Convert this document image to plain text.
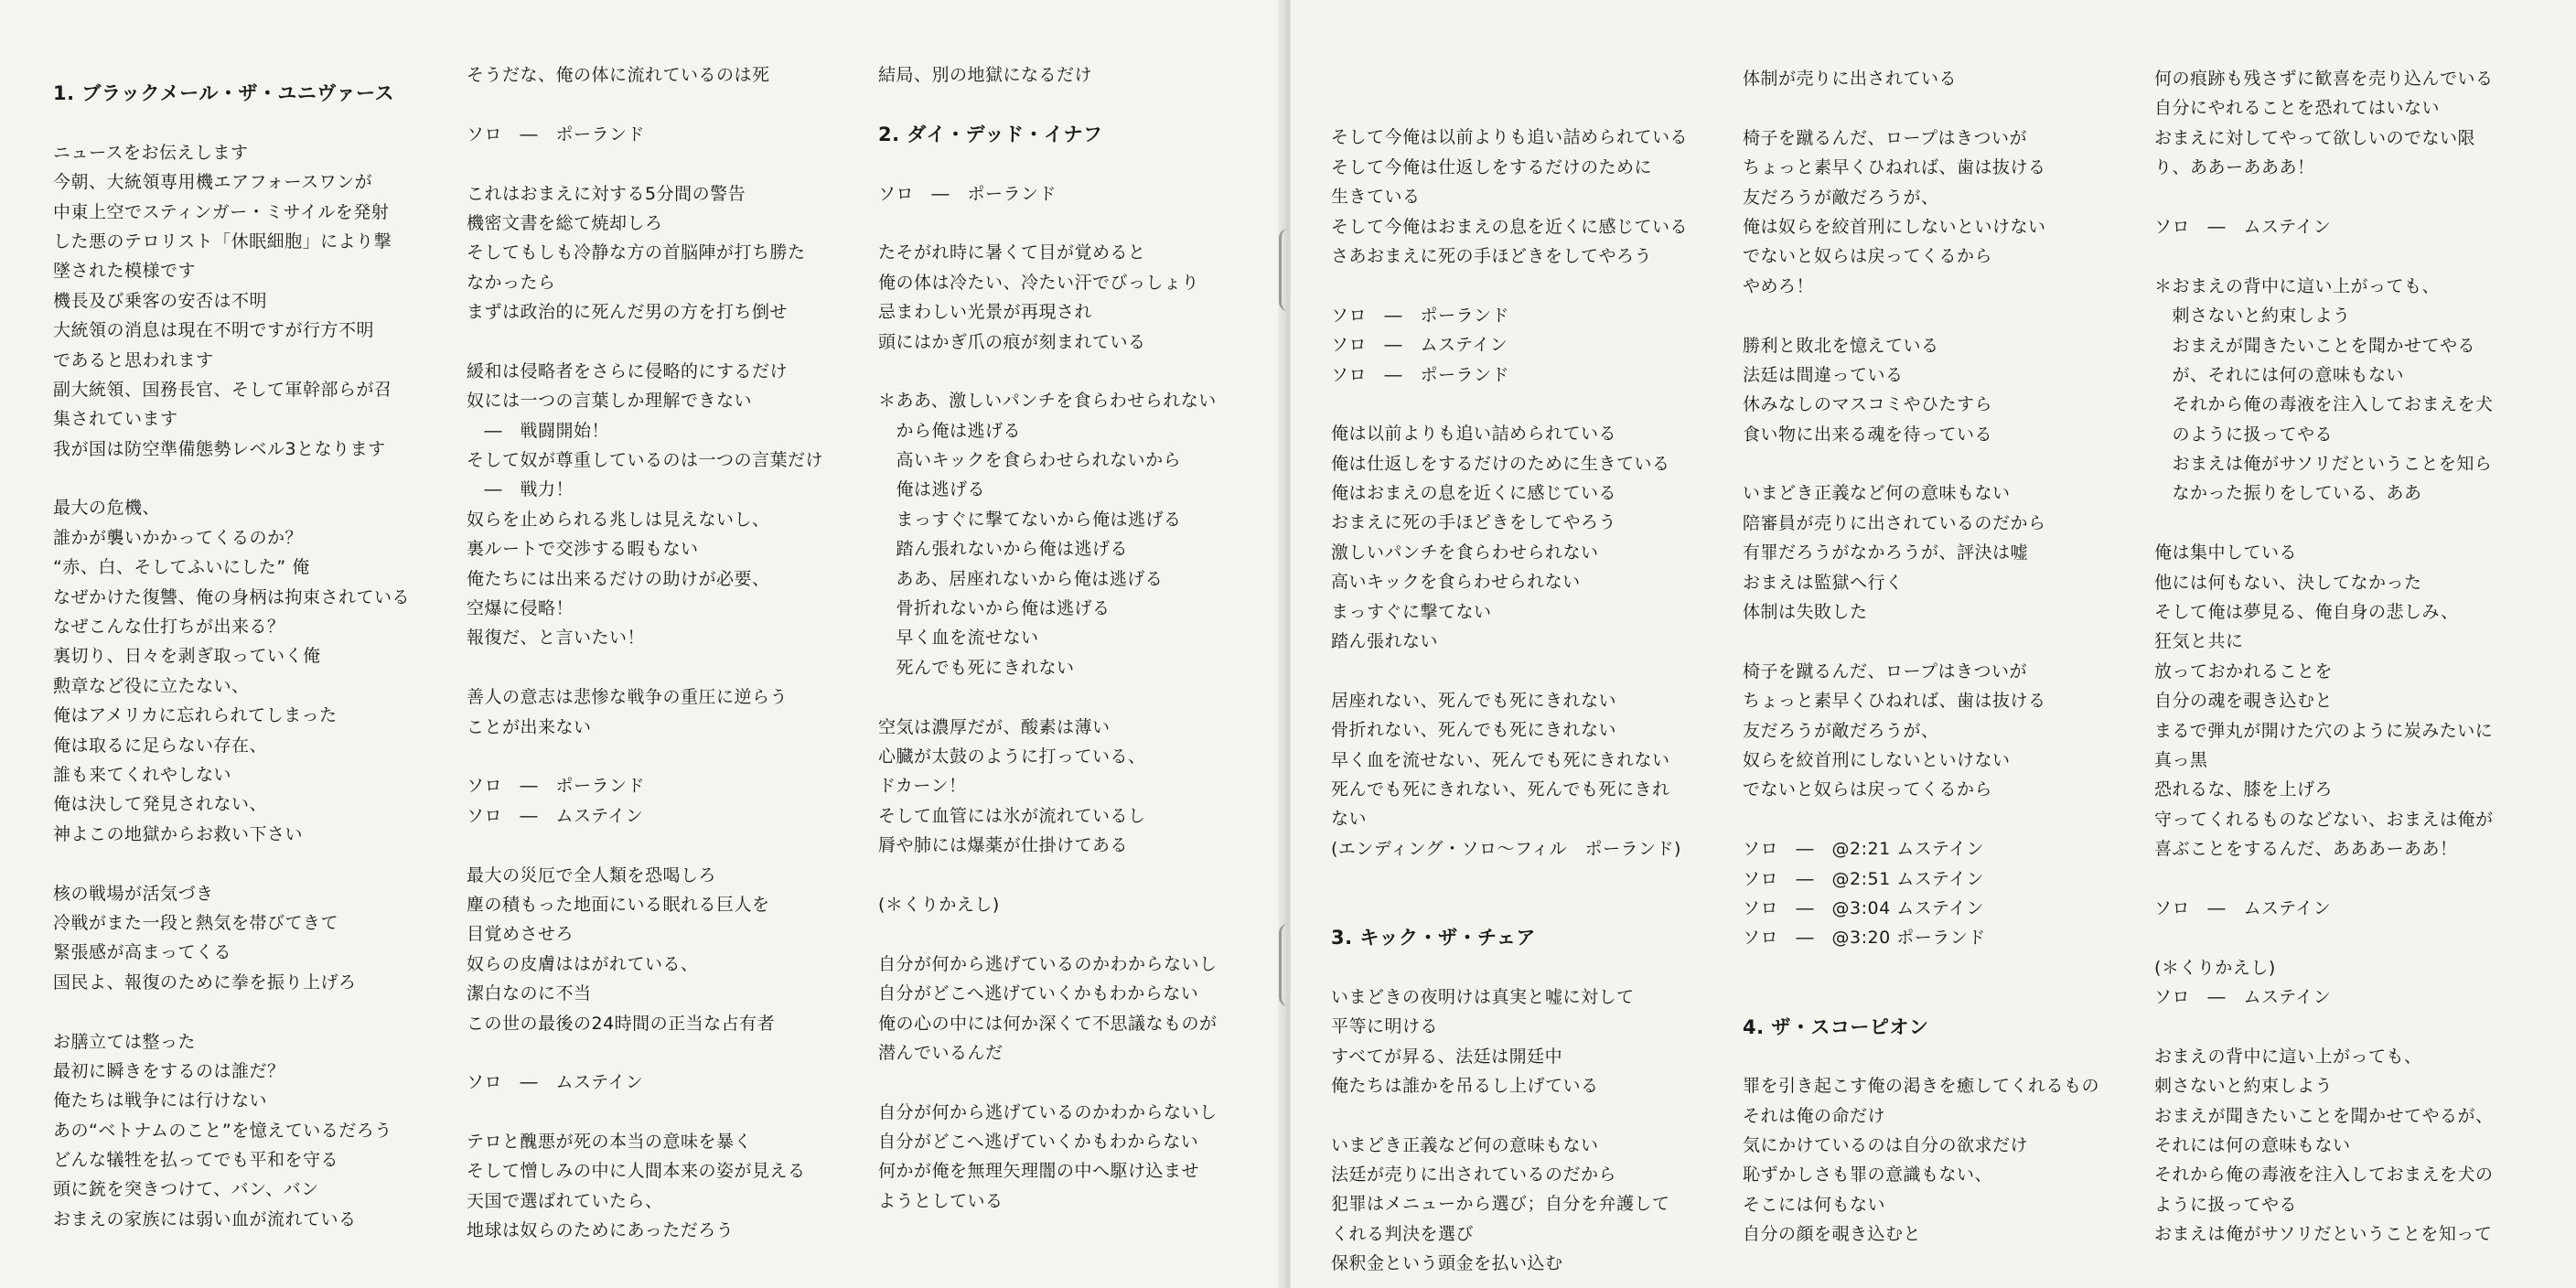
1. ブラックメール・ザ・ユニヴァース
ニュースをお伝えします
今朝、大統領専用機エアフォースワンが
中東上空でスティンガー・ミサイルを発射
した悪のテロリスト「休眠細胞」により撃
墜された模様です
機長及び乗客の安否は不明
大統領の消息は現在不明ですが行方不明
であると思われます
副大統領、国務長官、そして軍幹部らが召
集されています
我が国は防空準備態勢レベル3となります
最大の危機、
誰かが襲いかかってくるのか？
“赤、白、そしてふいにした” 俺
なぜかけた復讐、俺の身柄は拘束されている
なぜこんな仕打ちが出来る？
裏切り、日々を剥ぎ取っていく俺
勲章など役に立たない、
俺はアメリカに忘れられてしまった
俺は取るに足らない存在、
誰も来てくれやしない
俺は決して発見されない、
神よこの地獄からお救い下さい
核の戦場が活気づき
冷戦がまた一段と熱気を帯びてきて
緊張感が高まってくる
国民よ、報復のために拳を振り上げろ
お膳立ては整った
最初に瞬きをするのは誰だ？
俺たちは戦争には行けない
あの“ベトナムのこと”を憶えているだろう
どんな犠牲を払ってでも平和を守る
頭に銃を突きつけて、バン、バン
おまえの家族には弱い血が流れている
そうだな、俺の体に流れているのは死
ソロ　―　ポーランド
これはおまえに対する5分間の警告
機密文書を総て焼却しろ
そしてもしも冷静な方の首脳陣が打ち勝た
なかったら
まずは政治的に死んだ男の方を打ち倒せ
緩和は侵略者をさらに侵略的にするだけ
奴には一つの言葉しか理解できない
　―　戦闘開始！
そして奴が尊重しているのは一つの言葉だけ
　―　戦力！
奴らを止められる兆しは見えないし、
裏ルートで交渉する暇もない
俺たちには出来るだけの助けが必要、
空爆に侵略！
報復だ、と言いたい！
善人の意志は悲惨な戦争の重圧に逆らう
ことが出来ない
ソロ　―　ポーランド
ソロ　―　ムステイン
最大の災厄で全人類を恐喝しろ
塵の積もった地面にいる眠れる巨人を
目覚めさせろ
奴らの皮膚ははがれている、
潔白なのに不当
この世の最後の24時間の正当な占有者
ソロ　―　ムステイン
テロと醜悪が死の本当の意味を暴く
そして憎しみの中に人間本来の姿が見える
天国で選ばれていたら、
地球は奴らのためにあっただろう
結局、別の地獄になるだけ
2. ダイ・デッド・イナフ
ソロ　―　ポーランド
たそがれ時に暑くて目が覚めると
俺の体は冷たい、冷たい汗でびっしょり
忌まわしい光景が再現され
頭にはかぎ爪の痕が刻まれている
＊ああ、激しいパンチを食らわせられない
　から俺は逃げる
　高いキックを食らわせられないから
　俺は逃げる
　まっすぐに撃てないから俺は逃げる
　踏ん張れないから俺は逃げる
　ああ、居座れないから俺は逃げる
　骨折れないから俺は逃げる
　早く血を流せない
　死んでも死にきれない
空気は濃厚だが、酸素は薄い
心臓が太鼓のように打っている、
ドカーン！
そして血管には氷が流れているし
脣や肺には爆薬が仕掛けてある
(＊くりかえし)
自分が何から逃げているのかわからないし
自分がどこへ逃げていくかもわからない
俺の心の中には何か深くて不思議なものが
潜んでいるんだ
自分が何から逃げているのかわからないし
自分がどこへ逃げていくかもわからない
何かが俺を無理矢理闇の中へ駆け込ませ
ようとしている
そして今俺は以前よりも追い詰められている
そして今俺は仕返しをするだけのために
生きている
そして今俺はおまえの息を近くに感じている
さあおまえに死の手ほどきをしてやろう
ソロ　―　ポーランド
ソロ　―　ムステイン
ソロ　―　ポーランド
俺は以前よりも追い詰められている
俺は仕返しをするだけのために生きている
俺はおまえの息を近くに感じている
おまえに死の手ほどきをしてやろう
激しいパンチを食らわせられない
高いキックを食らわせられない
まっすぐに撃てない
踏ん張れない
居座れない、死んでも死にきれない
骨折れない、死んでも死にきれない
早く血を流せない、死んでも死にきれない
死んでも死にきれない、死んでも死にきれ
ない
(エンディング・ソロ〜フィル　ポーランド)
3. キック・ザ・チェア
いまどきの夜明けは真実と嘘に対して
平等に明ける
すべてが昇る、法廷は開廷中
俺たちは誰かを吊るし上げている
いまどき正義など何の意味もない
法廷が売りに出されているのだから
犯罪はメニューから選び；自分を弁護して
くれる判決を選び
保釈金という頭金を払い込む
体制が売りに出されている
椅子を蹴るんだ、ロープはきついが
ちょっと素早くひねれば、歯は抜ける
友だろうが敵だろうが、
俺は奴らを絞首刑にしないといけない
でないと奴らは戻ってくるから
やめろ！
勝利と敗北を憶えている
法廷は間違っている
休みなしのマスコミやひたすら
食い物に出来る魂を待っている
いまどき正義など何の意味もない
陪審員が売りに出されているのだから
有罪だろうがなかろうが、評決は嘘
おまえは監獄へ行く
体制は失敗した
椅子を蹴るんだ、ロープはきついが
ちょっと素早くひねれば、歯は抜ける
友だろうが敵だろうが、
奴らを絞首刑にしないといけない
でないと奴らは戻ってくるから
ソロ　―　@2:21 ムステイン
ソロ　―　@2:51 ムステイン
ソロ　―　@3:04 ムステイン
ソロ　―　@3:20 ポーランド
4. ザ・スコーピオン
罪を引き起こす俺の渇きを癒してくれるもの
それは俺の命だけ
気にかけているのは自分の欲求だけ
恥ずかしさも罪の意識もない、
そこには何もない
自分の顔を覗き込むと
何の痕跡も残さずに歓喜を売り込んでいる
自分にやれることを恐れてはいない
おまえに対してやって欲しいのでない限
り、ああーあああ！
ソロ　―　ムステイン
＊おまえの背中に這い上がっても、
　刺さないと約束しよう
　おまえが聞きたいことを聞かせてやる
　が、それには何の意味もない
　それから俺の毒液を注入しておまえを犬
　のように扱ってやる
　おまえは俺がサソリだということを知ら
　なかった振りをしている、ああ
俺は集中している
他には何もない、決してなかった
そして俺は夢見る、俺自身の悲しみ、
狂気と共に
放っておかれることを
自分の魂を覗き込むと
まるで弾丸が開けた穴のように炭みたいに
真っ黒
恐れるな、膝を上げろ
守ってくれるものなどない、おまえは俺が
喜ぶことをするんだ、あああーああ！
ソロ　―　ムステイン
(＊くりかえし)
ソロ　―　ムステイン
おまえの背中に這い上がっても、
刺さないと約束しよう
おまえが聞きたいことを聞かせてやるが、
それには何の意味もない
それから俺の毒液を注入しておまえを犬の
ように扱ってやる
おまえは俺がサソリだということを知って
